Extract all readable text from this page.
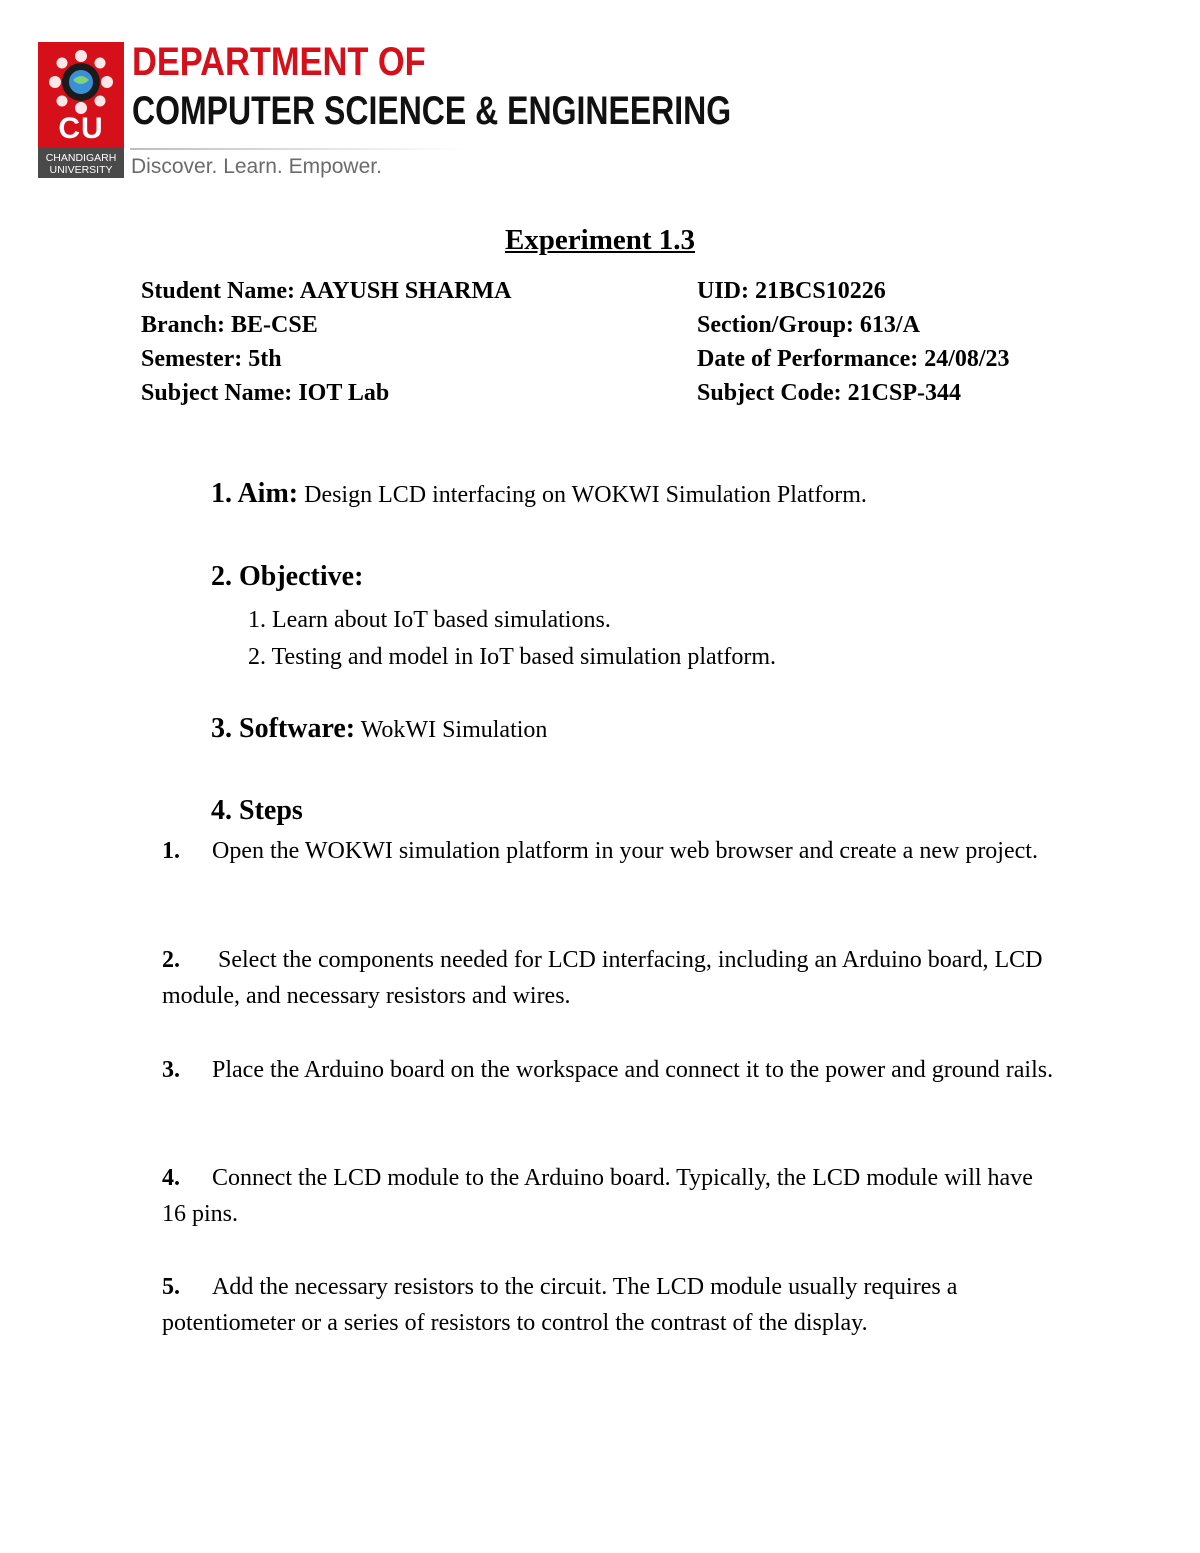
CU
CHANDIGARH
UNIVERSITY
DEPARTMENT OF
COMPUTER SCIENCE & ENGINEERING
Discover. Learn. Empower.
Experiment 1.3
Student Name: AAYUSH SHARMA
Branch: BE-CSE
Semester: 5th
Subject Name: IOT Lab
UID: 21BCS10226
Section/Group: 613/A
Date of Performance: 24/08/23
Subject Code: 21CSP-344
1. Aim: Design LCD interfacing on WOKWI Simulation Platform.
2. Objective:
1. Learn about IoT based simulations.
2. Testing and model in IoT based simulation platform.
3. Software: WokWI Simulation
4. Steps
1. Open the WOKWI simulation platform in your web browser and create a new project.
2. Select the components needed for LCD interfacing, including an Arduino board, LCD module, and necessary resistors and wires.
3. Place the Arduino board on the workspace and connect it to the power and ground rails.
4. Connect the LCD module to the Arduino board. Typically, the LCD module will have 16 pins.
5. Add the necessary resistors to the circuit. The LCD module usually requires a potentiometer or a series of resistors to control the contrast of the display.
